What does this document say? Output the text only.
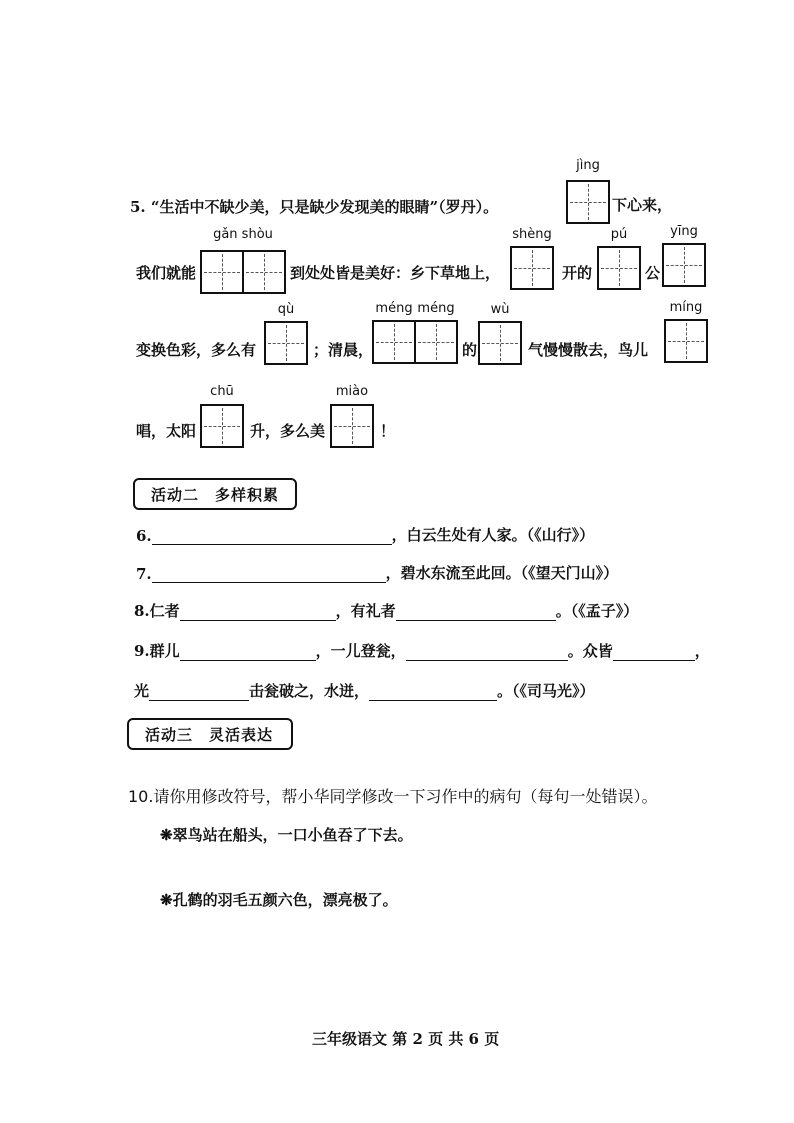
jìng
5. “生活中不缺少美，只是缺少发现美的眼睛”（罗丹）。	下心来，
gǎn shòu
我们就能	到处处皆是美好：乡下草地上，
shèng
开的
pú
公
yīng
变换色彩，多么有
qù
；清晨，
méng méng
的
wù
气慢慢散去，鸟儿
míng
唱，太阳
chū
升，多么美
miào
！
活动二　多样积累
6.	，白云生处有人家。（《山行》）
7.	，碧水东流至此回。（《望天门山》）
8.仁者	，有礼者	。（《孟子》）
9.群儿	，一儿登瓮，	。众皆	，
光	击瓮破之，水迸，	。（《司马光》）
活动三　灵活表达
10.请你用修改符号，帮小华同学修改一下习作中的病句（每句一处错误）。
❋翠鸟站在船头，一口小鱼吞了下去。
❋孔鹤的羽毛五颜六色，漂亮极了。
三年级语文 第 2 页 共 6 页
